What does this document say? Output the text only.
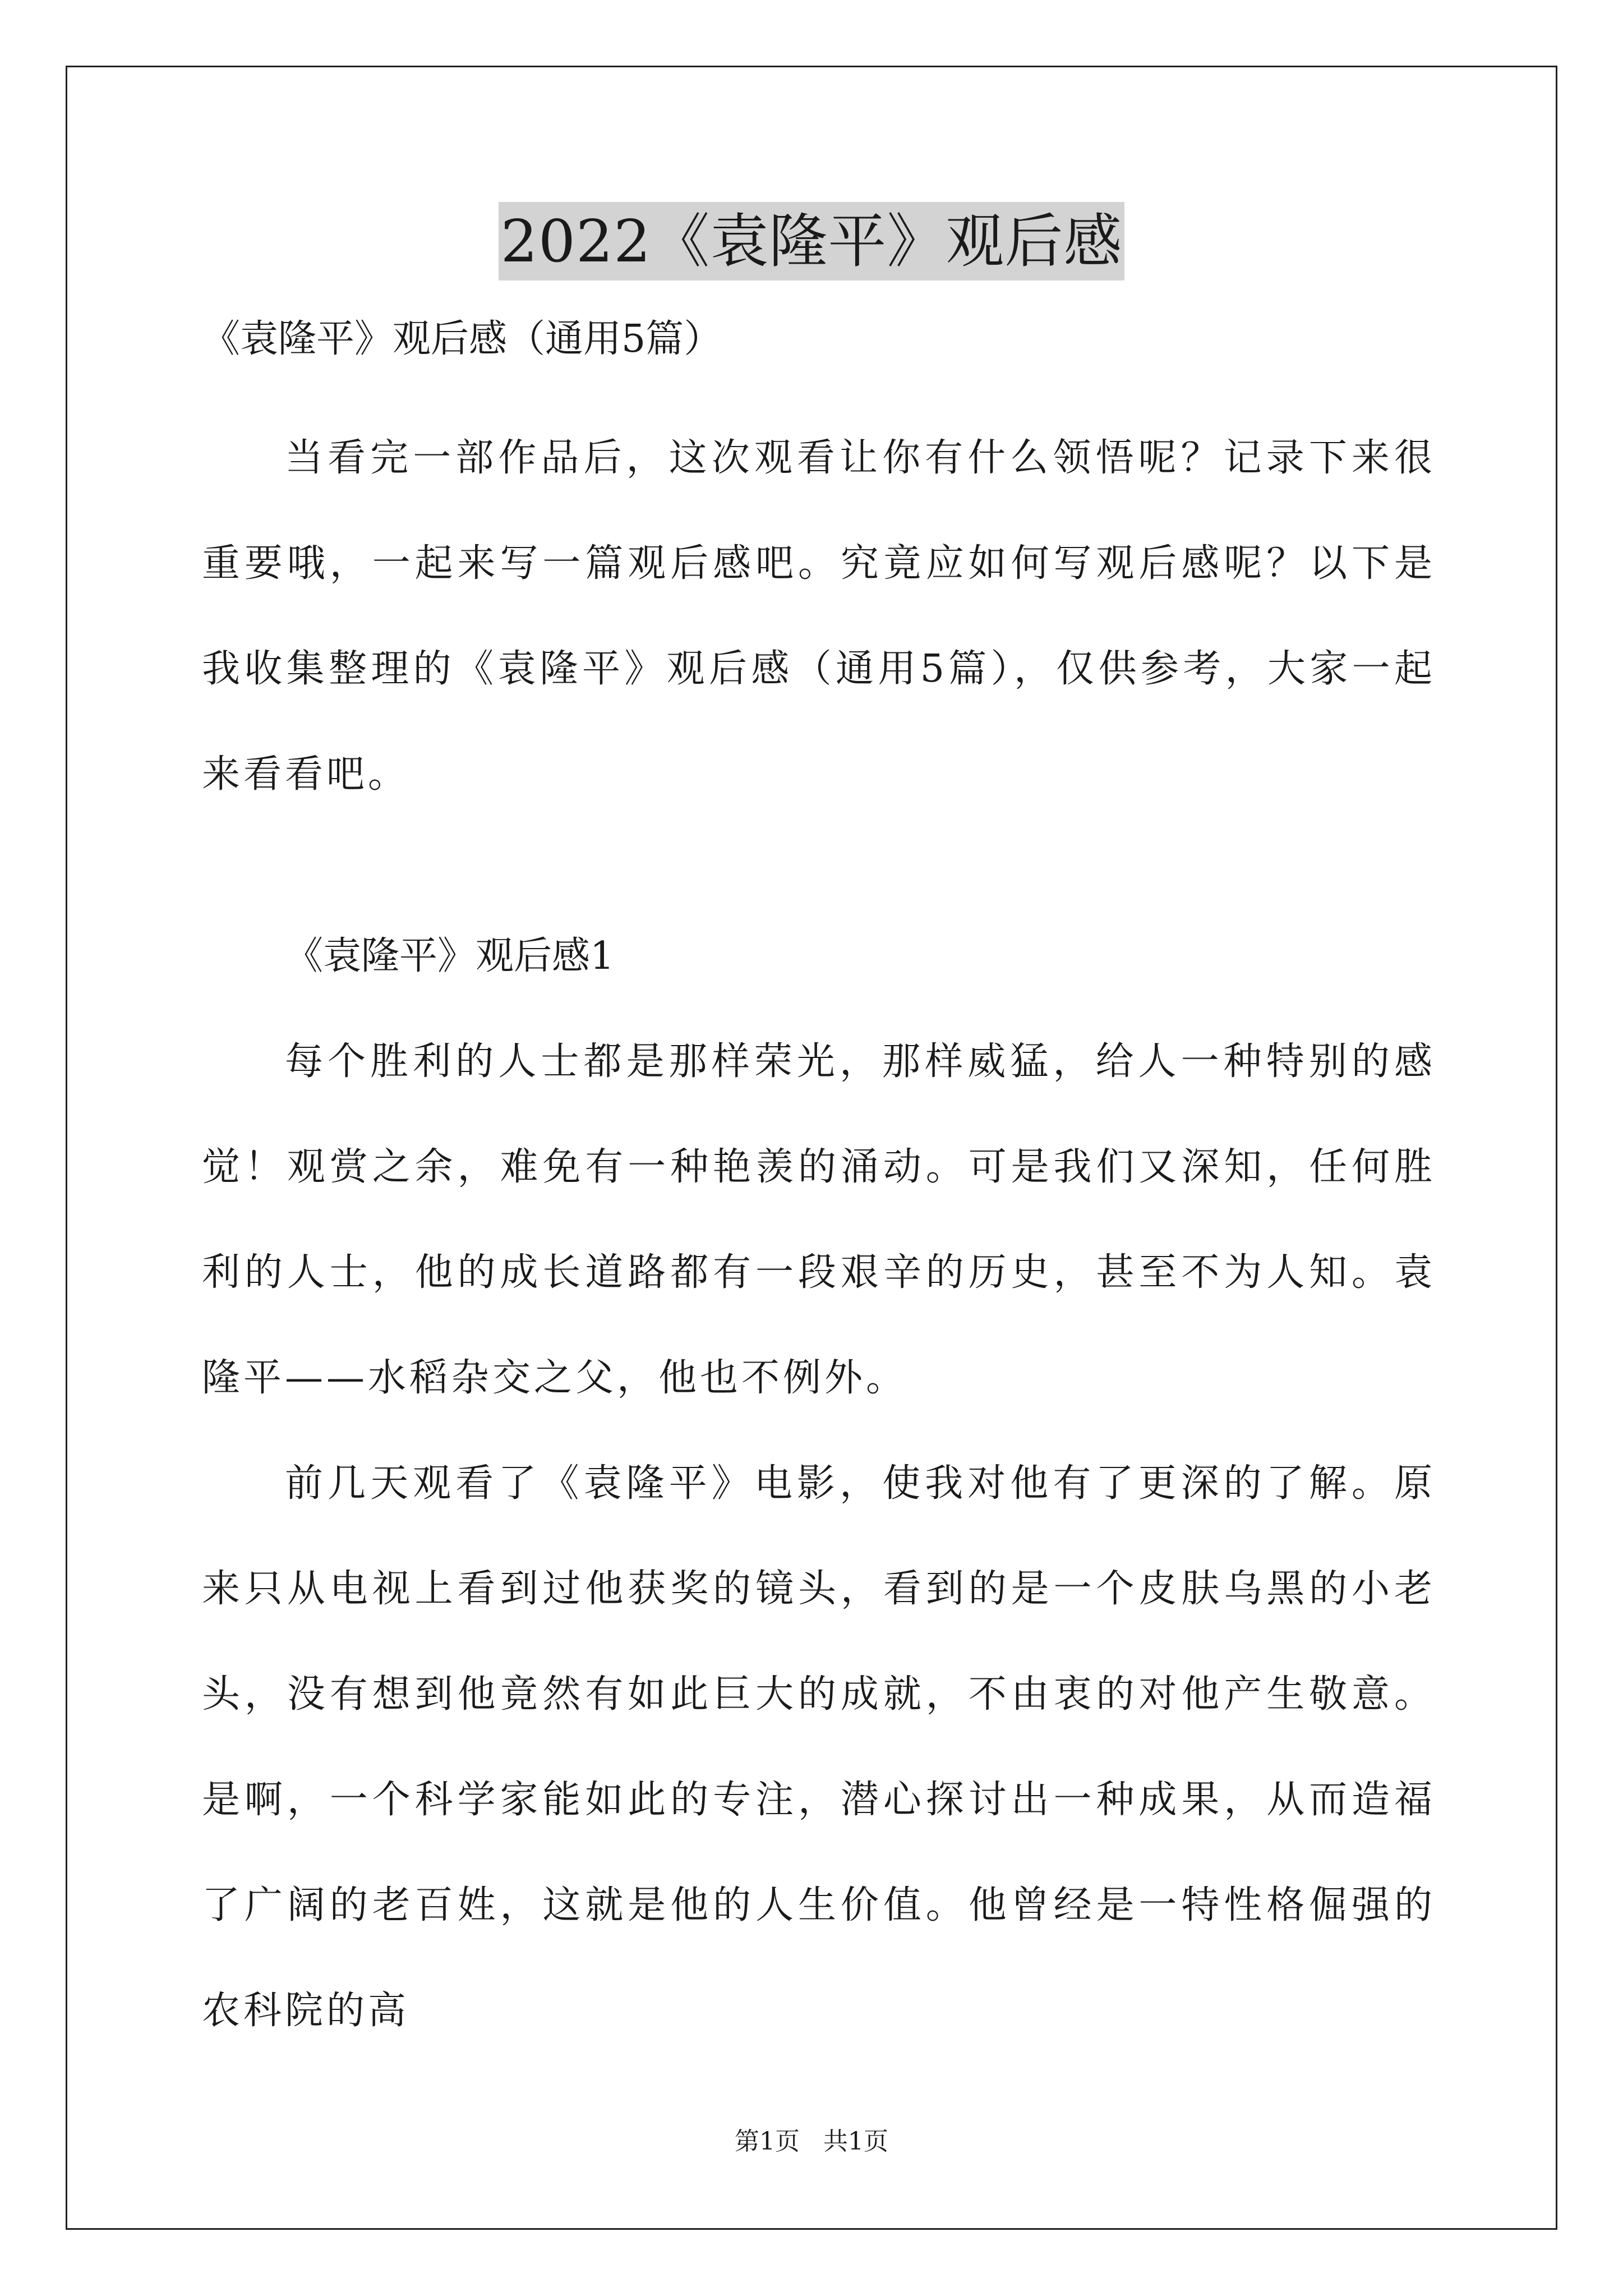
2022《袁隆平》观后感

《袁隆平》观后感（通用5篇）

当看完一部作品后，这次观看让你有什么领悟呢？记录下来很重要哦，一起来写一篇观后感吧。究竟应如何写观后感呢？以下是我收集整理的《袁隆平》观后感（通用5篇），仅供参考，大家一起来看看吧。

《袁隆平》观后感1

每个胜利的人士都是那样荣光，那样威猛，给人一种特别的感觉！观赏之余，难免有一种艳羡的涌动。可是我们又深知，任何胜利的人士，他的成长道路都有一段艰辛的历史，甚至不为人知。袁隆平——水稻杂交之父，他也不例外。

前几天观看了《袁隆平》电影，使我对他有了更深的了解。原来只从电视上看到过他获奖的镜头，看到的是一个皮肤乌黑的小老头，没有想到他竟然有如此巨大的成就，不由衷的对他产生敬意。是啊，一个科学家能如此的专注，潜心探讨出一种成果，从而造福了广阔的老百姓，这就是他的人生价值。他曾经是一特性格倔强的农科院的高

第1页 共1页
